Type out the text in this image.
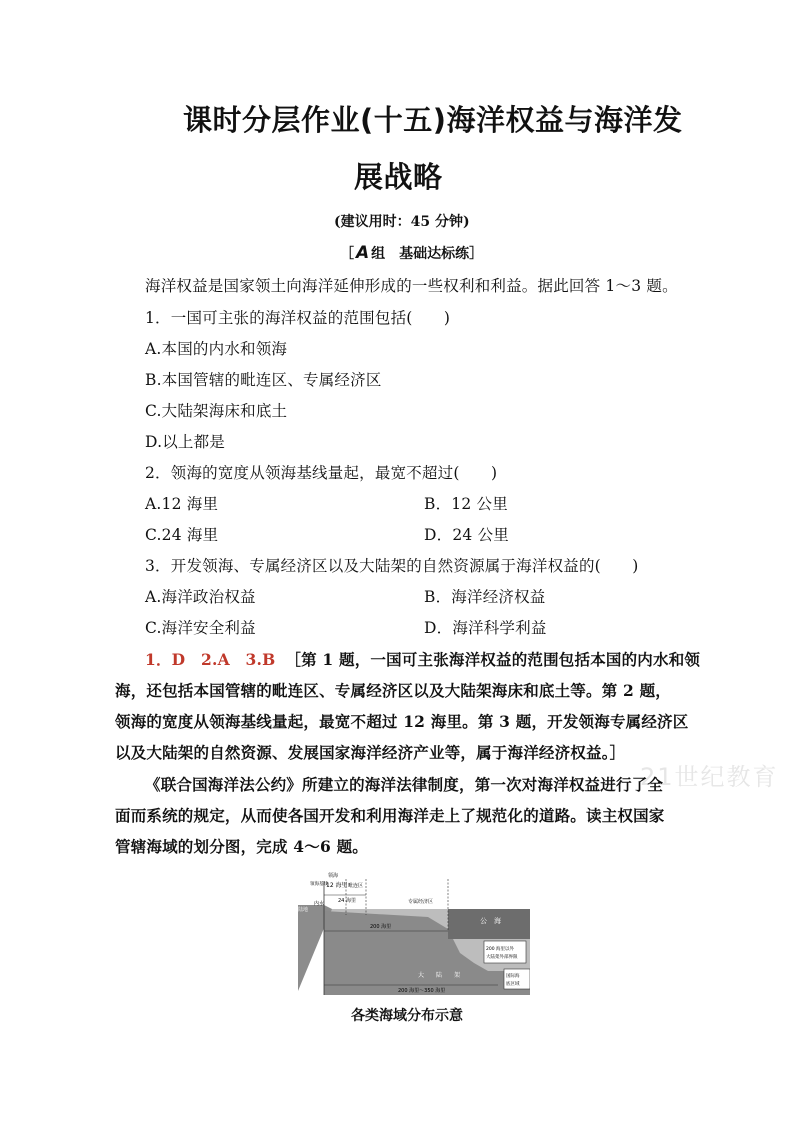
课时分层作业(十五)海洋权益与海洋发
展战略
(建议用时：45 分钟)
［ A 组　基础达标练］
海洋权益是国家领土向海洋延伸形成的一些权利和利益。据此回答 1～3 题。
1．一国可主张的海洋权益的范围包括(　　)
A.本国的内水和领海
B.本国管辖的毗连区、专属经济区
C.大陆架海床和底土
D.以上都是
2．领海的宽度从领海基线量起，最宽不超过(　　)
A.12 海里	B．12 公里
C.24 海里	D．24 公里
3．开发领海、专属经济区以及大陆架的自然资源属于海洋权益的(　　)
A.海洋政治权益	B．海洋经济权益
C.海洋安全利益	D．海洋科学利益
1．D　2.A　3.B ［第 1 题，一国可主张海洋权益的范围包括本国的内水和领
海，还包括本国管辖的毗连区、专属经济区以及大陆架海床和底土等。第 2 题，
领海的宽度从领海基线量起，最宽不超过 12 海里。第 3 题，开发领海专属经济区
以及大陆架的自然资源、发展国家海洋经济产业等，属于海洋经济权益。］
21世纪教育
《联合国海洋法公约》所建立的海洋法律制度，第一次对海洋权益进行了全
面而系统的规定，从而使各国开发和利用海洋走上了规范化的道路。读主权国家
管辖海域的划分图，完成 4～6 题。
领海
12 海里
领海基线
内水
陆地
毗连区
24 海里	专属经济区
公　海
200 海里
200 海里以外
大陆架外部界限
大　　陆　　架	国际海
底区域
200 海里～350 海里
各类海域分布示意
